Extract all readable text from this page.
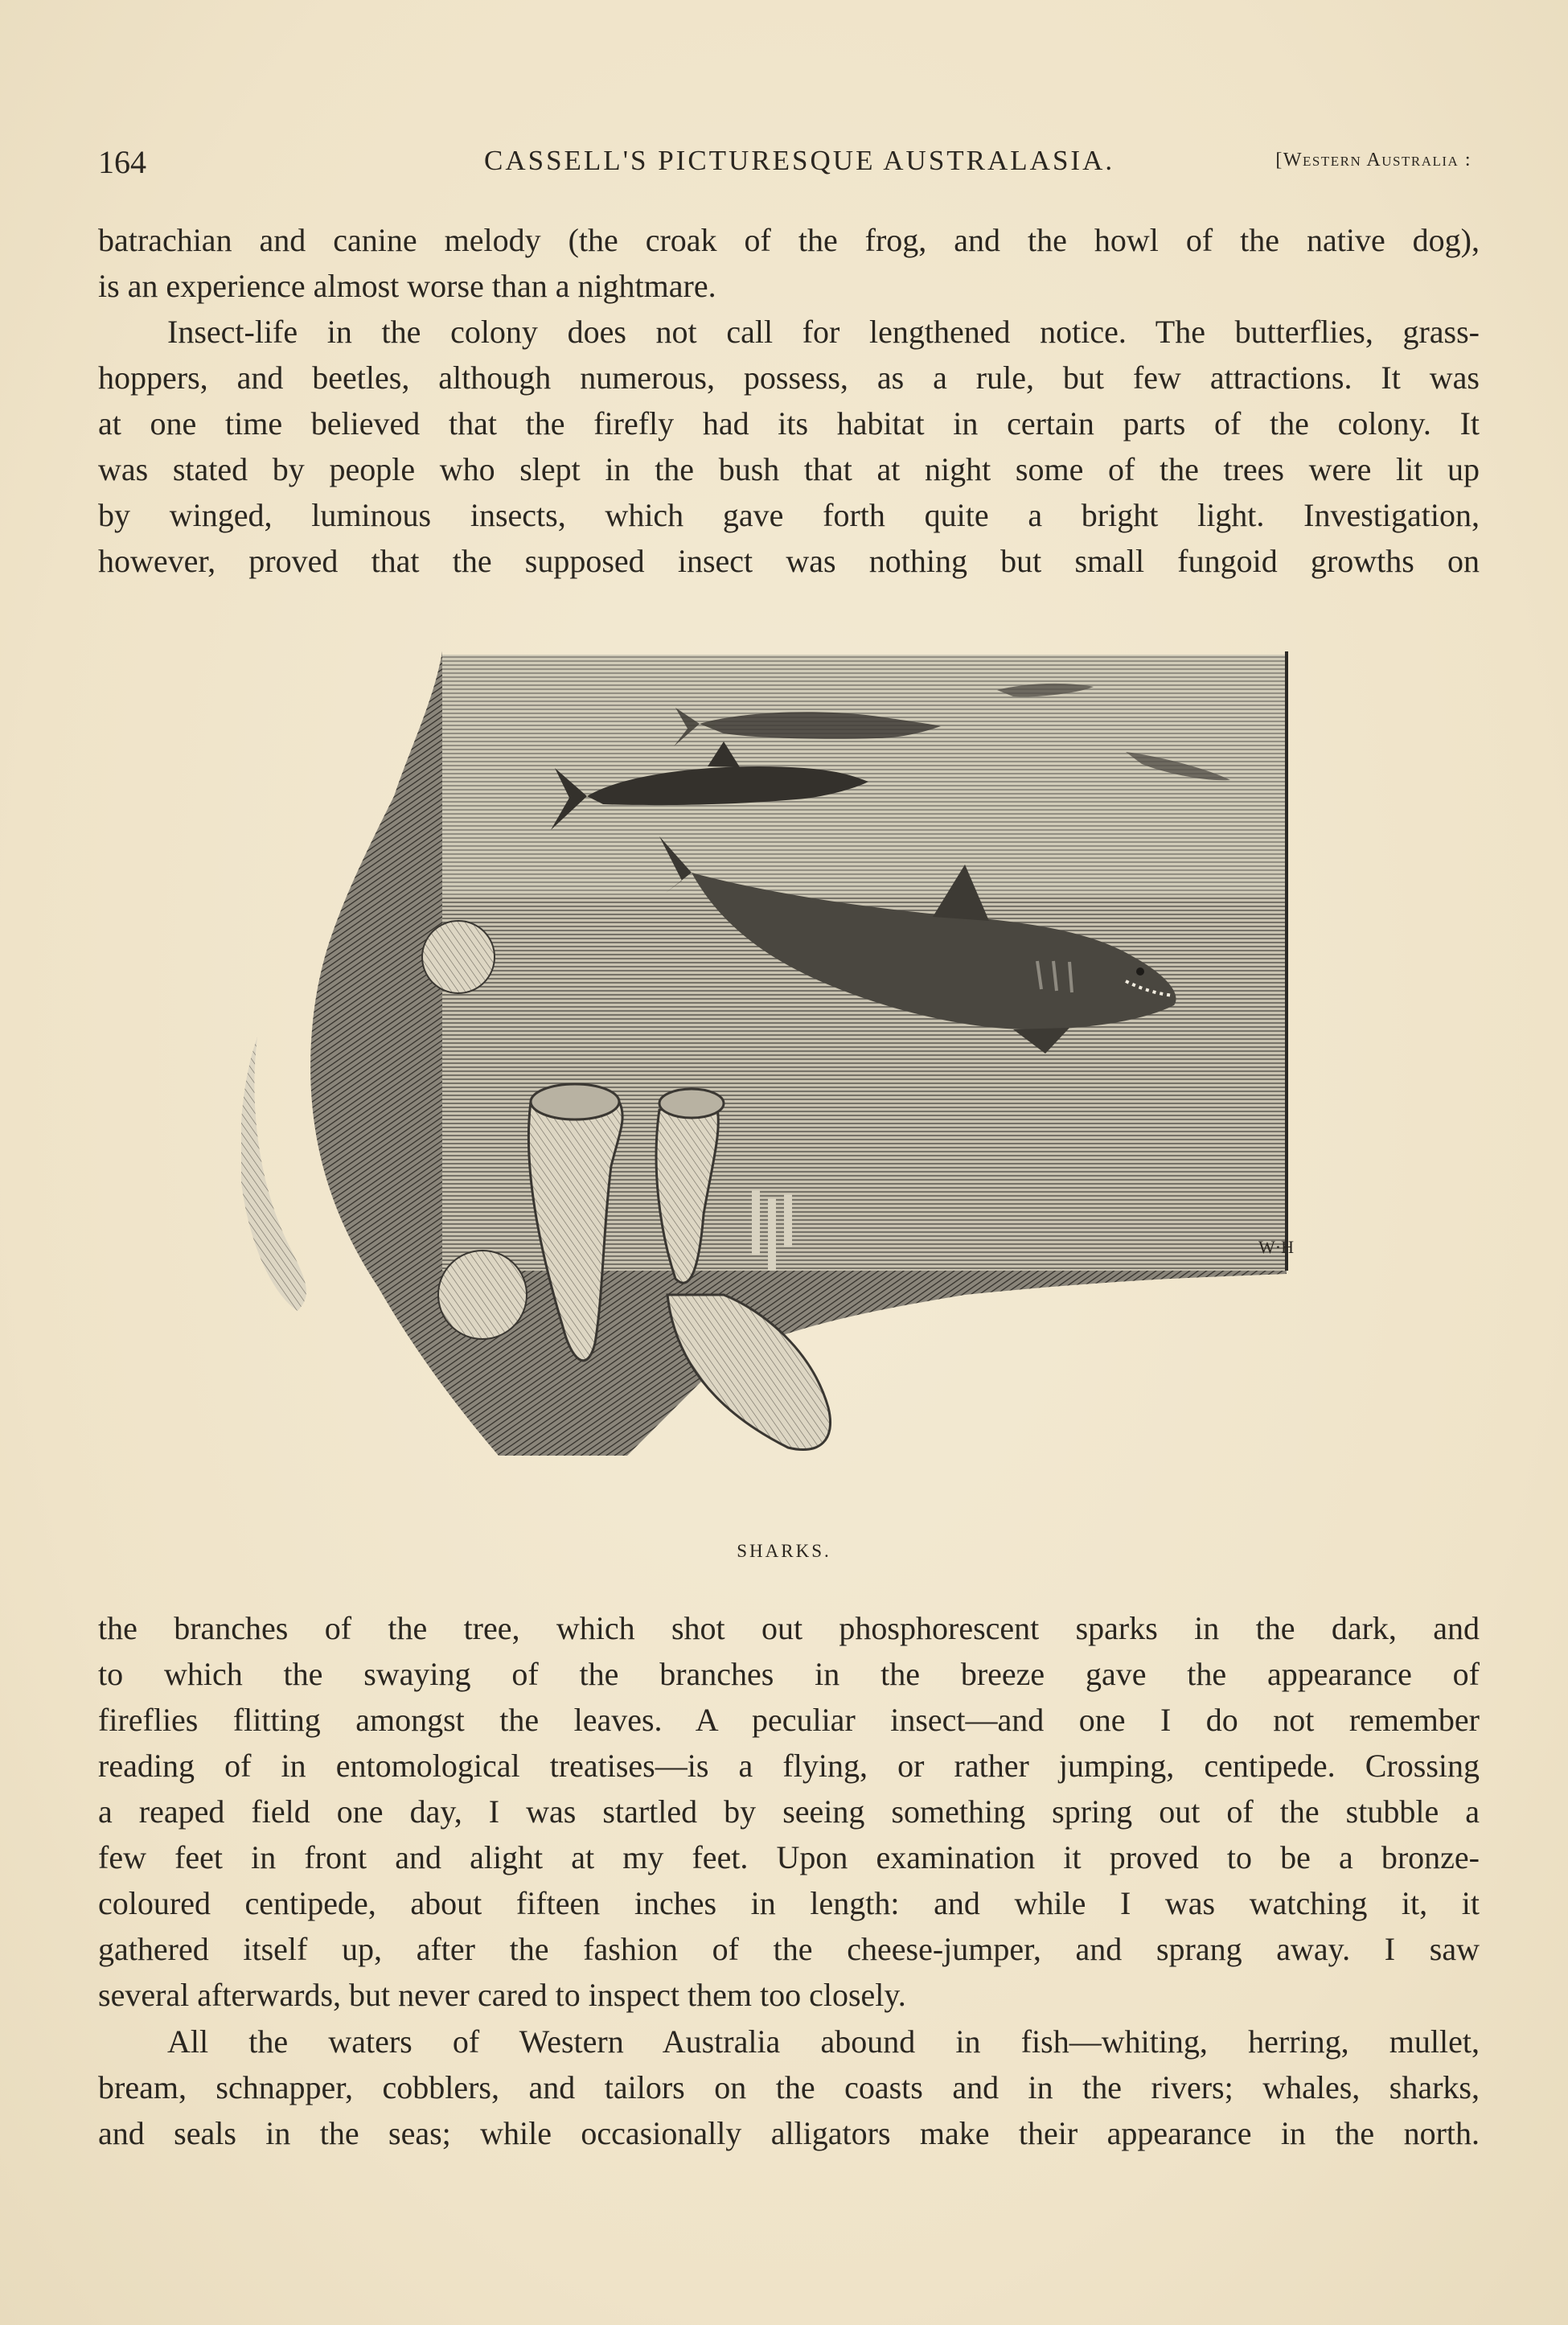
164	CASSELL'S PICTURESQUE AUSTRALASIA.	[Western Australia :
batrachian and canine melody (the croak of the frog, and the howl of the native dog),
is an experience almost worse than a nightmare.
Insect-life in the colony does not call for lengthened notice. The butterflies, grass-
hoppers, and beetles, although numerous, possess, as a rule, but few attractions. It was
at one time believed that the firefly had its habitat in certain parts of the colony. It
was stated by people who slept in the bush that at night some of the trees were lit up
by winged, luminous insects, which gave forth quite a bright light. Investigation,
however, proved that the supposed insect was nothing but small fungoid growths on
W·H
SHARKS.
the branches of the tree, which shot out phosphorescent sparks in the dark, and
to which the swaying of the branches in the breeze gave the appearance of
fireflies flitting amongst the leaves. A peculiar insect—and one I do not remember
reading of in entomological treatises—is a flying, or rather jumping, centipede. Crossing
a reaped field one day, I was startled by seeing something spring out of the stubble a
few feet in front and alight at my feet. Upon examination it proved to be a bronze-
coloured centipede, about fifteen inches in length: and while I was watching it, it
gathered itself up, after the fashion of the cheese-jumper, and sprang away. I saw
several afterwards, but never cared to inspect them too closely.
All the waters of Western Australia abound in fish—whiting, herring, mullet,
bream, schnapper, cobblers, and tailors on the coasts and in the rivers; whales, sharks,
and seals in the seas; while occasionally alligators make their appearance in the north.
